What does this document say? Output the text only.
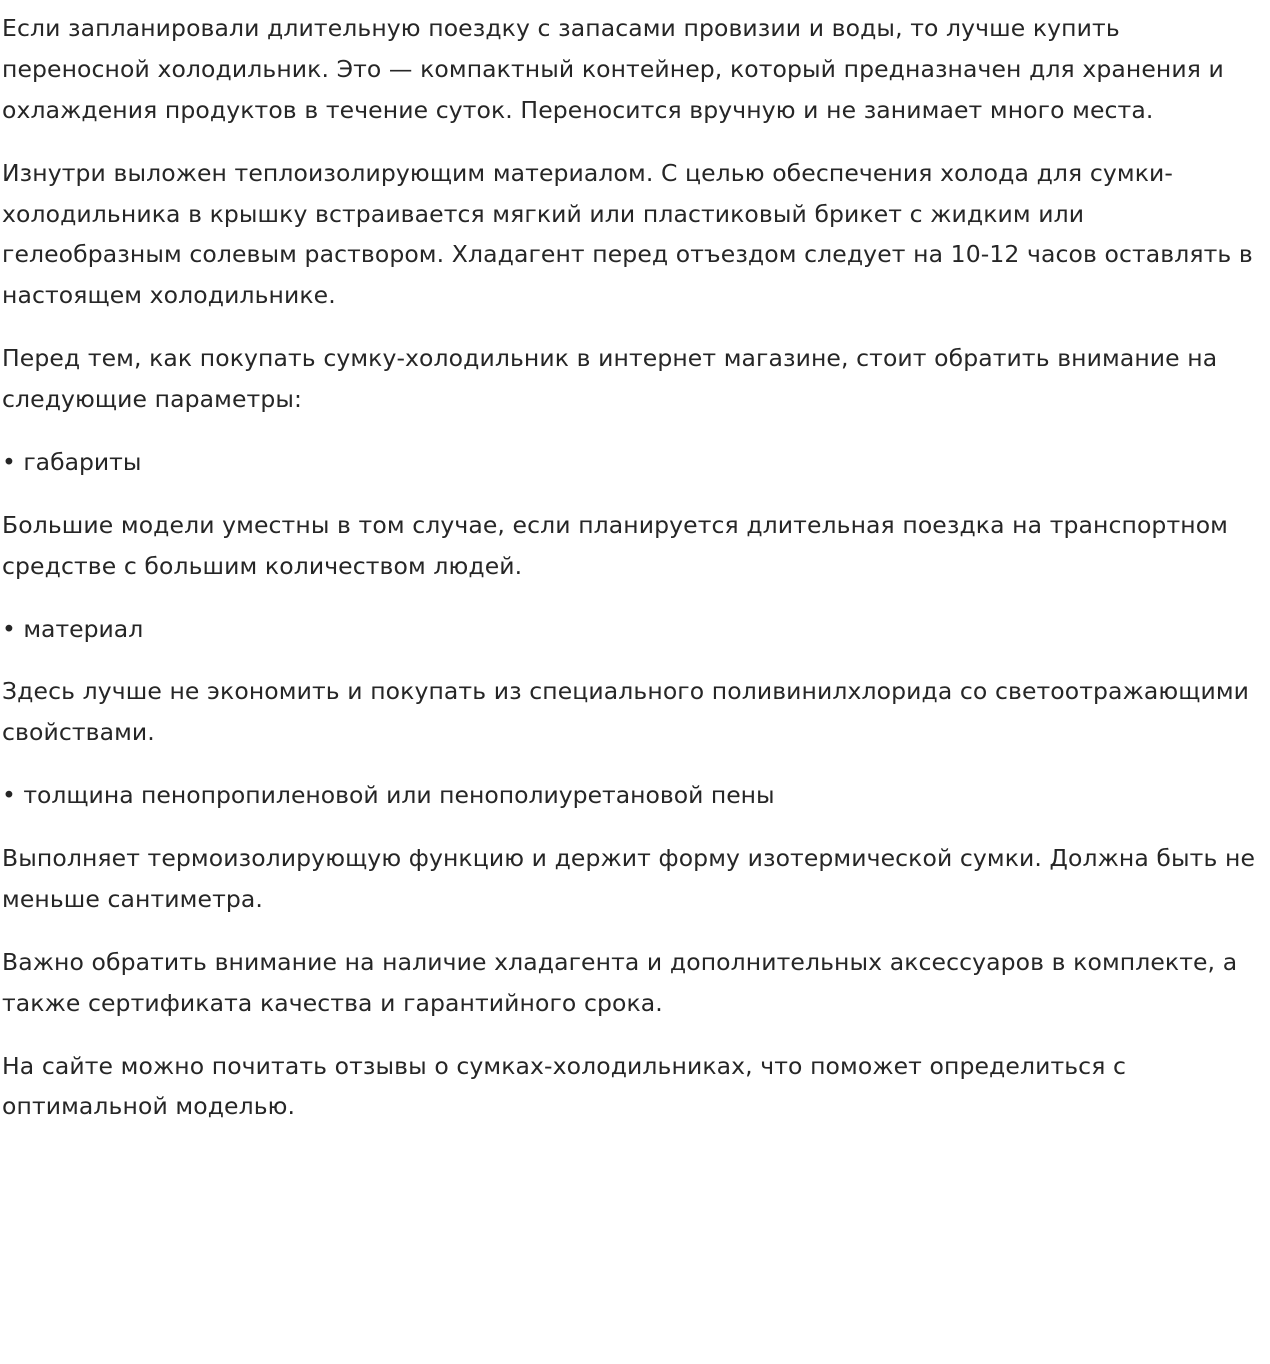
Если запланировали длительную поездку с запасами провизии и воды, то лучше купить переносной холодильник. Это — компактный контейнер, который предназначен для хранения и охлаждения продуктов в течение суток. Переносится вручную и не занимает много места.

Изнутри выложен теплоизолирующим материалом. С целью обеспечения холода для сумки-холодильника в крышку встраивается мягкий или пластиковый брикет с жидким или гелеобразным солевым раствором. Хладагент перед отъездом следует на 10-12 часов оставлять в настоящем холодильнике.

Перед тем, как покупать сумку-холодильник в интернет магазине, стоит обратить внимание на следующие параметры:

• габариты

Большие модели уместны в том случае, если планируется длительная поездка на транспортном средстве с большим количеством людей.

• материал

Здесь лучше не экономить и покупать из специального поливинилхлорида со светоотражающими свойствами.

• толщина пенопропиленовой или пенополиуретановой пены

Выполняет термоизолирующую функцию и держит форму изотермической сумки. Должна быть не меньше сантиметра.

Важно обратить внимание на наличие хладагента и дополнительных аксессуаров в комплекте, а также сертификата качества и гарантийного срока.

На сайте можно почитать отзывы о сумках-холодильниках, что поможет определиться с оптимальной моделью.
